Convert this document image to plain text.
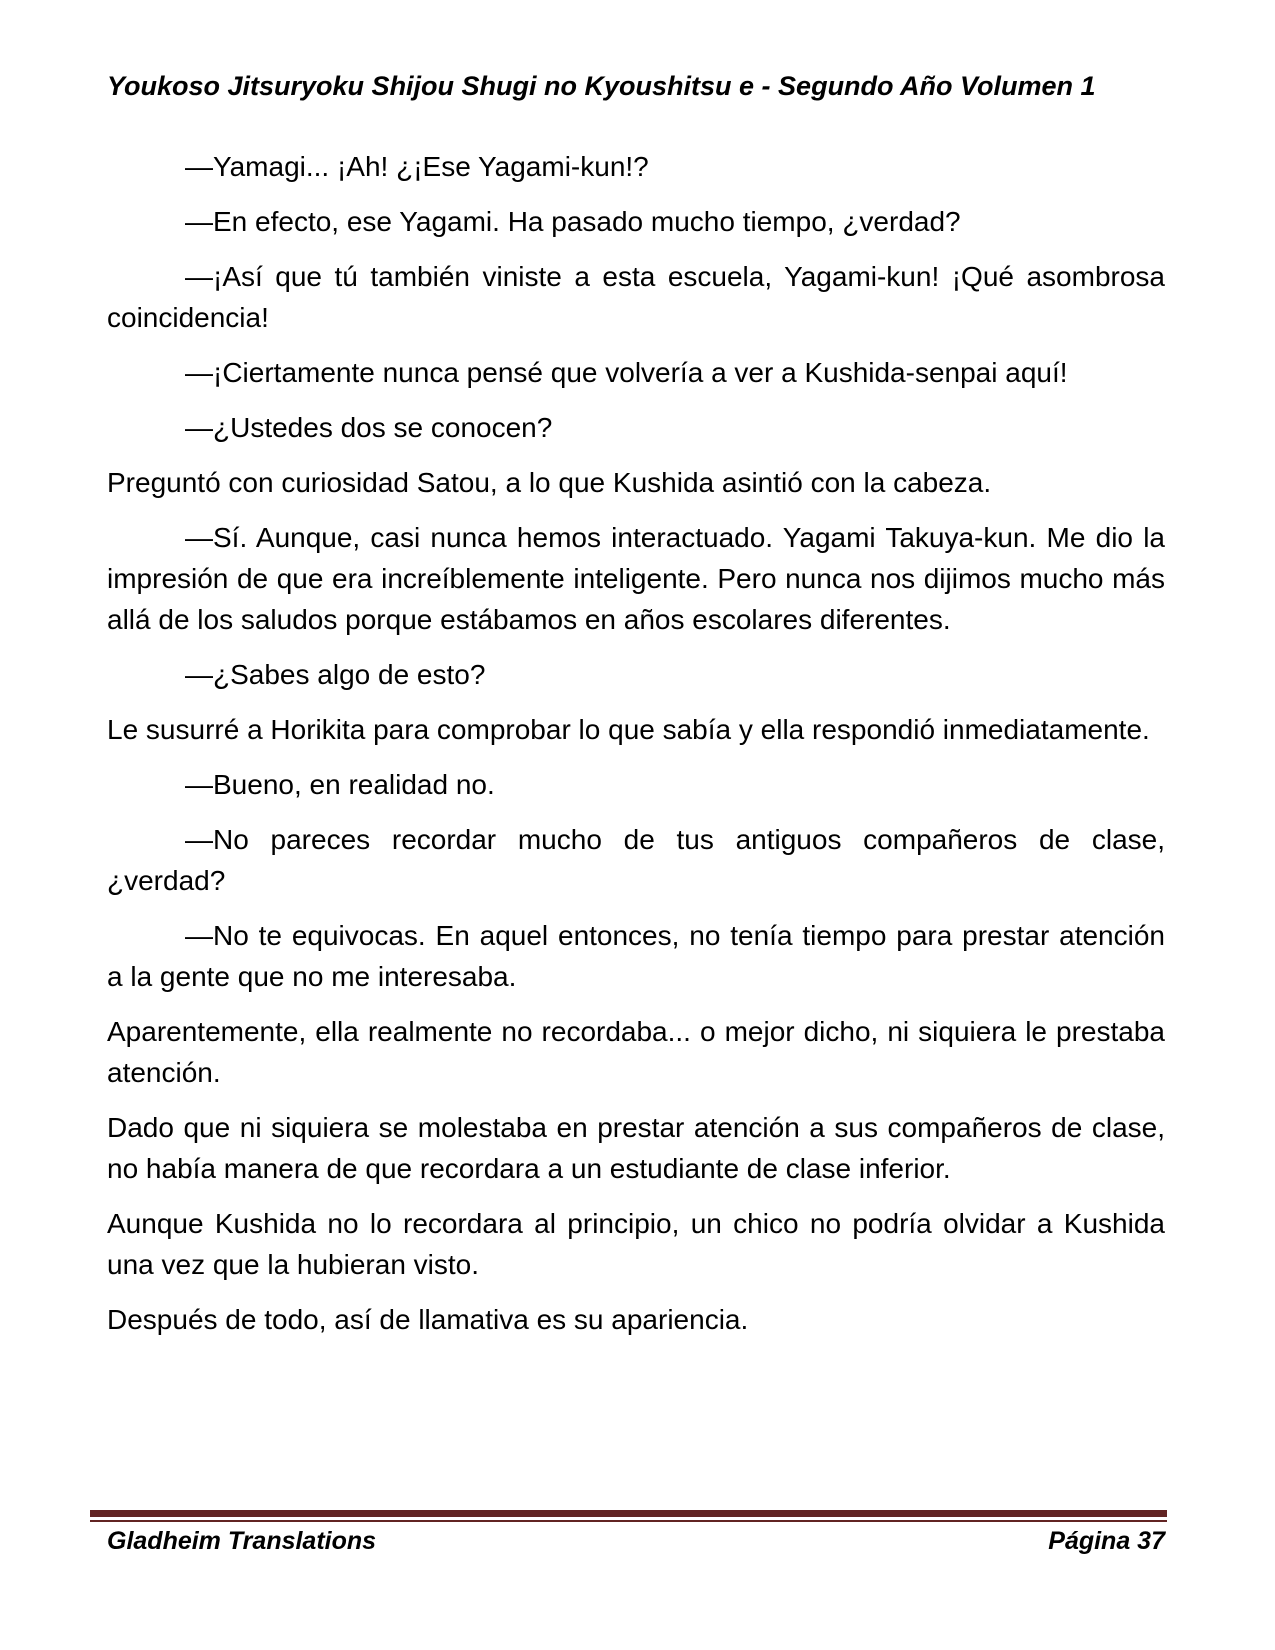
Youkoso Jitsuryoku Shijou Shugi no Kyoushitsu e - Segundo Año Volumen 1

—Yamagi... ¡Ah! ¿¡Ese Yagami-kun!?

—En efecto, ese Yagami. Ha pasado mucho tiempo, ¿verdad?

—¡Así que tú también viniste a esta escuela, Yagami-kun! ¡Qué asombrosa coincidencia!

—¡Ciertamente nunca pensé que volvería a ver a Kushida-senpai aquí!

—¿Ustedes dos se conocen?

Preguntó con curiosidad Satou, a lo que Kushida asintió con la cabeza.

—Sí. Aunque, casi nunca hemos interactuado. Yagami Takuya-kun. Me dio la impresión de que era increíblemente inteligente. Pero nunca nos dijimos mucho más allá de los saludos porque estábamos en años escolares diferentes.

—¿Sabes algo de esto?

Le susurré a Horikita para comprobar lo que sabía y ella respondió inmediatamente.

—Bueno, en realidad no.

—No pareces recordar mucho de tus antiguos compañeros de clase, ¿verdad?

—No te equivocas. En aquel entonces, no tenía tiempo para prestar atención a la gente que no me interesaba.

Aparentemente, ella realmente no recordaba... o mejor dicho, ni siquiera le prestaba atención.

Dado que ni siquiera se molestaba en prestar atención a sus compañeros de clase, no había manera de que recordara a un estudiante de clase inferior.

Aunque Kushida no lo recordara al principio, un chico no podría olvidar a Kushida una vez que la hubieran visto.

Después de todo, así de llamativa es su apariencia.

Gladheim Translations	Página 37
